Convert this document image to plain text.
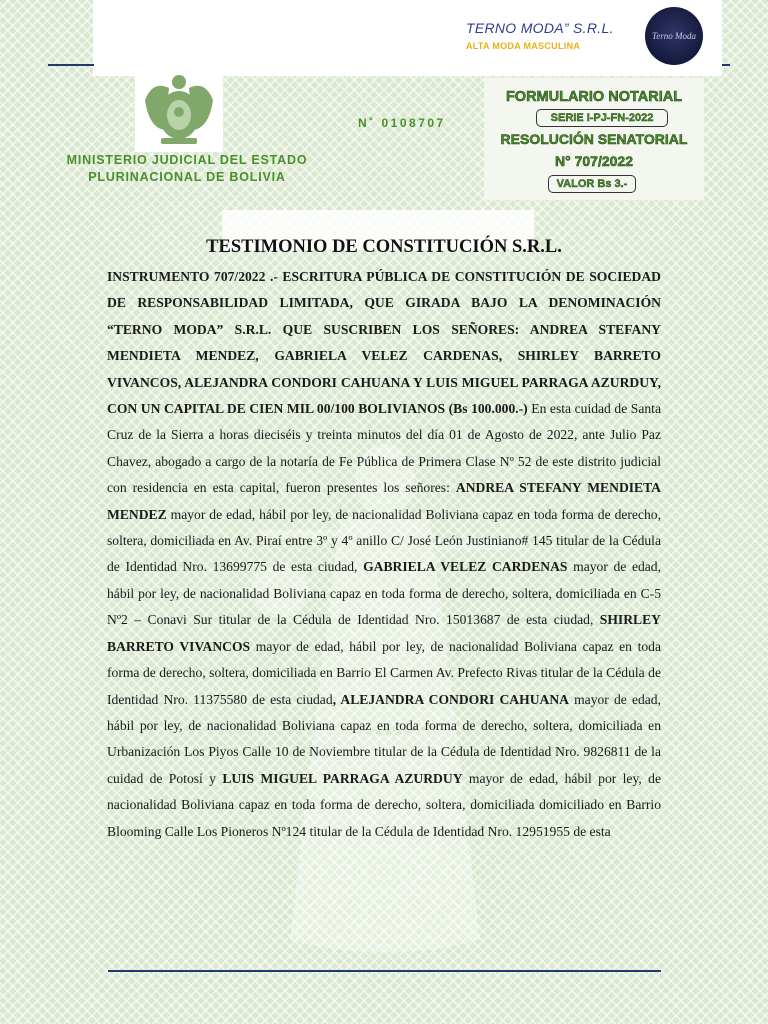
TERNO MODA” S.R.L.
ALTA MODA MASCULINA
Terno Moda
MINISTERIO JUDICIAL DEL ESTADO
PLURINACIONAL DE BOLIVIA
N˚ 0108707
FORMULARIO NOTARIAL
SERIE I-PJ-FN-2022
RESOLUCIÓN SENATORIAL
N° 707/2022
VALOR Bs 3.-
TESTIMONIO DE CONSTITUCIÓN S.R.L.
INSTRUMENTO 707/2022 .- ESCRITURA PÚBLICA DE CONSTITUCIÓN DE SOCIEDAD DE RESPONSABILIDAD LIMITADA, QUE GIRADA BAJO LA DENOMINACIÓN “TERNO MODA” S.R.L. QUE SUSCRIBEN LOS SEÑORES: ANDREA STEFANY MENDIETA MENDEZ, GABRIELA VELEZ CARDENAS, SHIRLEY BARRETO VIVANCOS, ALEJANDRA CONDORI CAHUANA Y LUIS MIGUEL PARRAGA AZURDUY, CON UN CAPITAL DE CIEN MIL 00/100 BOLIVIANOS (Bs 100.000.-) En esta cuidad de Santa Cruz de la Sierra a horas dieciséis y treinta minutos del día 01 de Agosto de 2022, ante Julio Paz Chavez, abogado a cargo de la notaría de Fe Pública de Primera Clase Nº 52 de este distrito judicial con residencia en esta capital, fueron presentes los señores: ANDREA STEFANY MENDIETA MENDEZ mayor de edad, hábil por ley, de nacionalidad Boliviana capaz en toda forma de derecho, soltera, domiciliada en Av. Piraí entre 3º y 4º anillo C/ José León Justiniano# 145 titular de la Cédula de Identidad Nro. 13699775 de esta ciudad, GABRIELA VELEZ CARDENAS mayor de edad, hábil por ley, de nacionalidad Boliviana capaz en toda forma de derecho, soltera, domiciliada en C-5 Nº2 – Conavi Sur titular de la Cédula de Identidad Nro. 15013687 de esta ciudad, SHIRLEY BARRETO VIVANCOS mayor de edad, hábil por ley, de nacionalidad Boliviana capaz en toda forma de derecho, soltera, domiciliada en Barrio El Carmen Av. Prefecto Rivas titular de la Cédula de Identidad Nro. 11375580 de esta ciudad, ALEJANDRA CONDORI CAHUANA mayor de edad, hábil por ley, de nacionalidad Boliviana capaz en toda forma de derecho, soltera, domiciliada en Urbanización Los Piyos Calle 10 de Noviembre titular de la Cédula de Identidad Nro. 9826811 de la cuidad de Potosí y LUIS MIGUEL PARRAGA AZURDUY mayor de edad, hábil por ley, de nacionalidad Boliviana capaz en toda forma de derecho, soltera, domiciliada domiciliado en Barrio Blooming Calle Los Pioneros Nº124 titular de la Cédula de Identidad Nro. 12951955 de esta
